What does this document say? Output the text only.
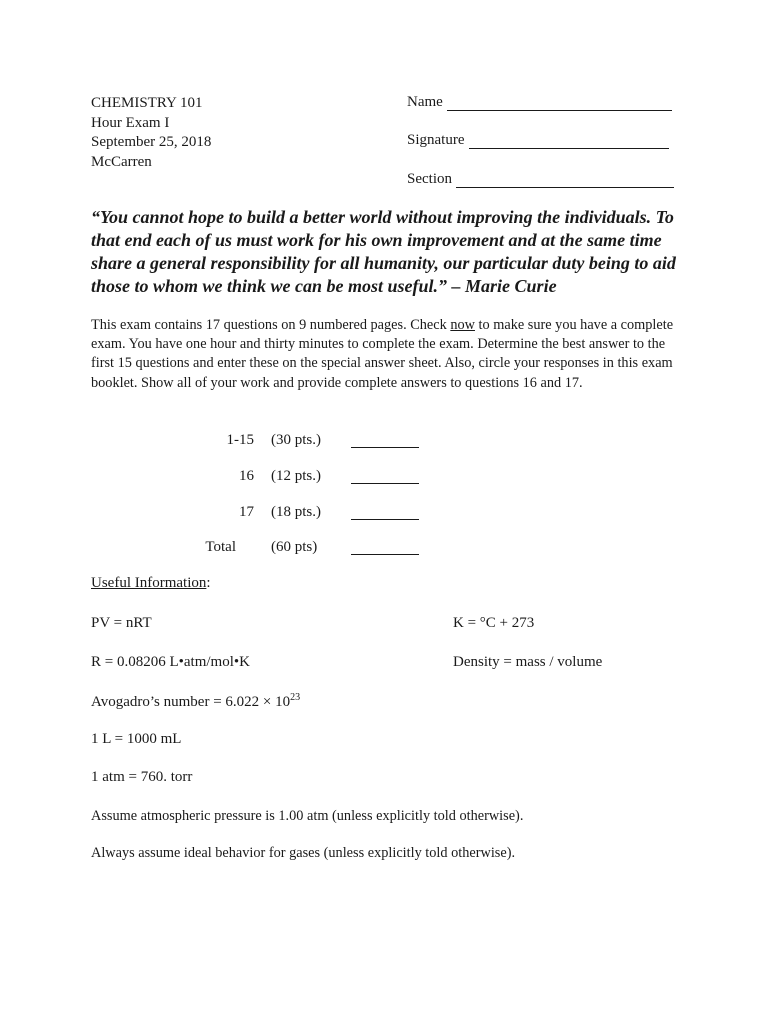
CHEMISTRY 101
Hour Exam I
September 25, 2018
McCarren
Name
Signature
Section
“You cannot hope to build a better world without improving the individuals. To that end each of us must work for his own improvement and at the same time share a general responsibility for all humanity, our particular duty being to aid those to whom we think we can be most useful.” – Marie Curie
This exam contains 17 questions on 9 numbered pages. Check now to make sure you have a complete exam. You have one hour and thirty minutes to complete the exam. Determine the best answer to the first 15 questions and enter these on the special answer sheet. Also, circle your responses in this exam booklet. Show all of your work and provide complete answers to questions 16 and 17.
1-15 (30 pts.)
16 (12 pts.)
17 (18 pts.)
Total (60 pts)
Useful Information:
PV = nRT	K = °C + 273
R = 0.08206 L•atm/mol•K	Density = mass / volume
Avogadro’s number = $6.022 \times 10^{23}$
1 L = 1000 mL
1 atm = 760. torr
Assume atmospheric pressure is 1.00 atm (unless explicitly told otherwise).
Always assume ideal behavior for gases (unless explicitly told otherwise).
